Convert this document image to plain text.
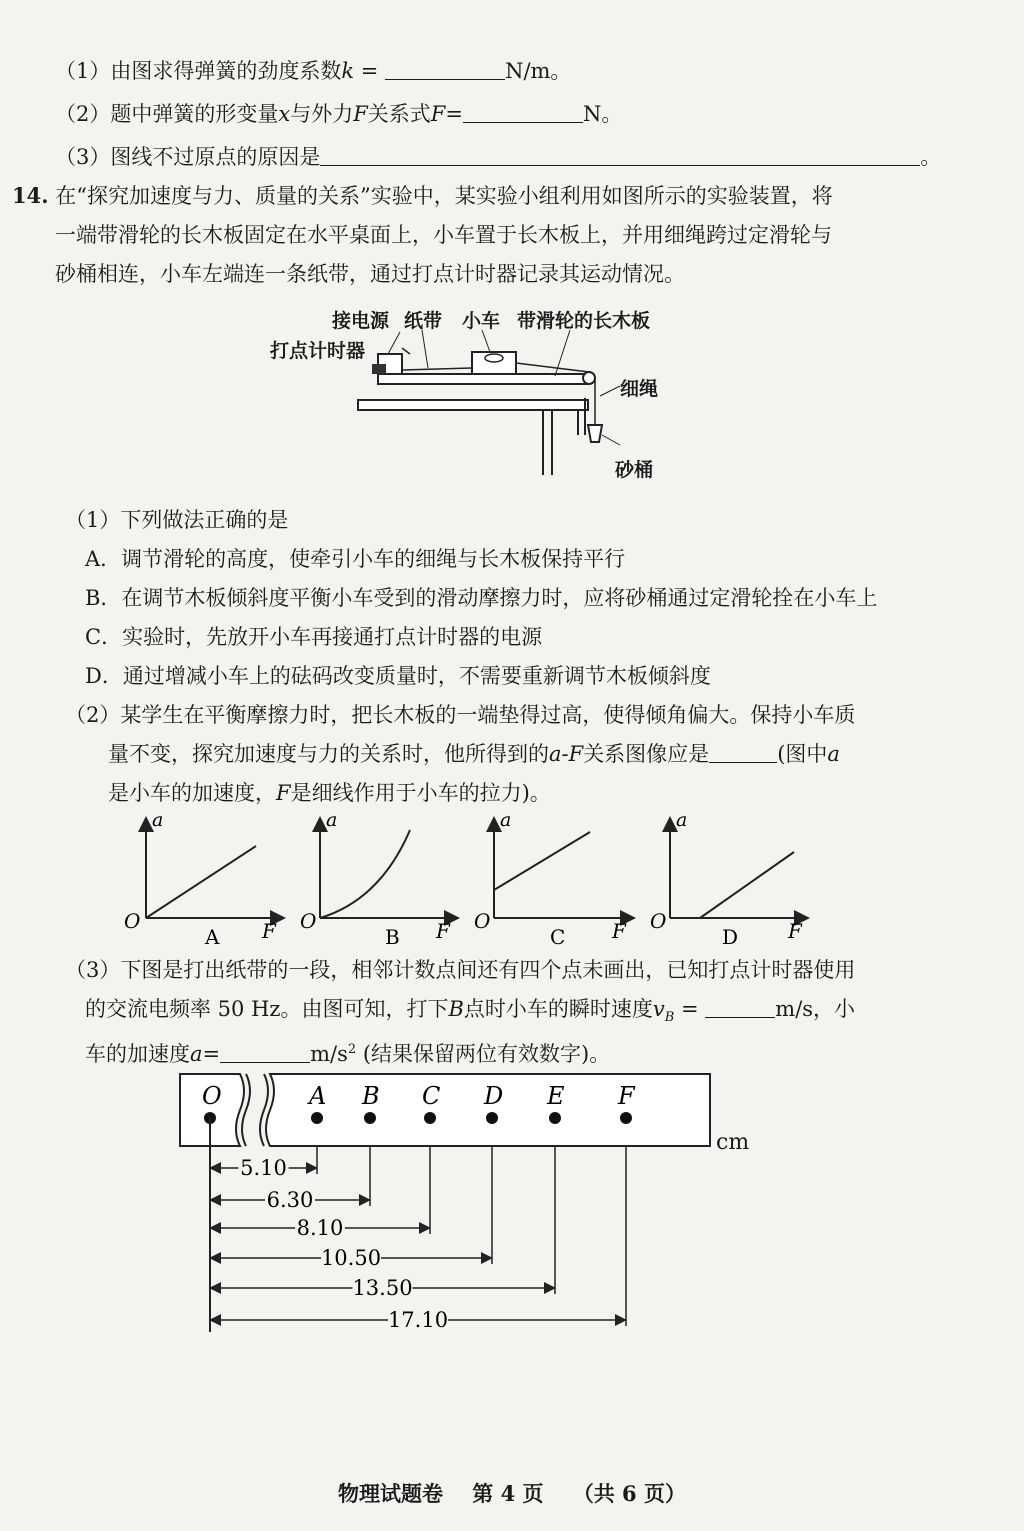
（1）由图求得弹簧的劲度系数k =	N/m。
（2）题中弹簧的形变量x与外力F关系式F=	N。
（3）图线不过原点的原因是	。
14. 在“探究加速度与力、质量的关系”实验中，某实验小组利用如图所示的实验装置，将
一端带滑轮的长木板固定在水平桌面上，小车置于长木板上，并用细绳跨过定滑轮与
砂桶相连，小车左端连一条纸带，通过打点计时器记录其运动情况。
接电源 纸带 小车 带滑轮的长木板
打点计时器
细绳
砂桶
（1）下列做法正确的是
A．调节滑轮的高度，使牵引小车的细绳与长木板保持平行
B．在调节木板倾斜度平衡小车受到的滑动摩擦力时，应将砂桶通过定滑轮拴在小车上
C．实验时，先放开小车再接通打点计时器的电源
D．通过增减小车上的砝码改变质量时，不需要重新调节木板倾斜度
（2）某学生在平衡摩擦力时，把长木板的一端垫得过高，使得倾角偏大。保持小车质
量不变，探究加速度与力的关系时，他所得到的a-F关系图像应是	(图中a
是小车的加速度，F是细线作用于小车的拉力)。
a
O	F
A
a
O	F
B
a
O	F
C
a
O	F
D
（3）下图是打出纸带的一段，相邻计数点间还有四个点未画出，已知打点计时器使用
的交流电频率 50 Hz。由图可知，打下B点时小车的瞬时速度$v_B$ =	m/s，小
车的加速度a=	$m/s^2$ (结果保留两位有效数字)。
O	A B C D E F
5.10
6.30
8.10
10.50
13.50
17.10
cm
物理试题卷 第 4 页 （共 6 页）
